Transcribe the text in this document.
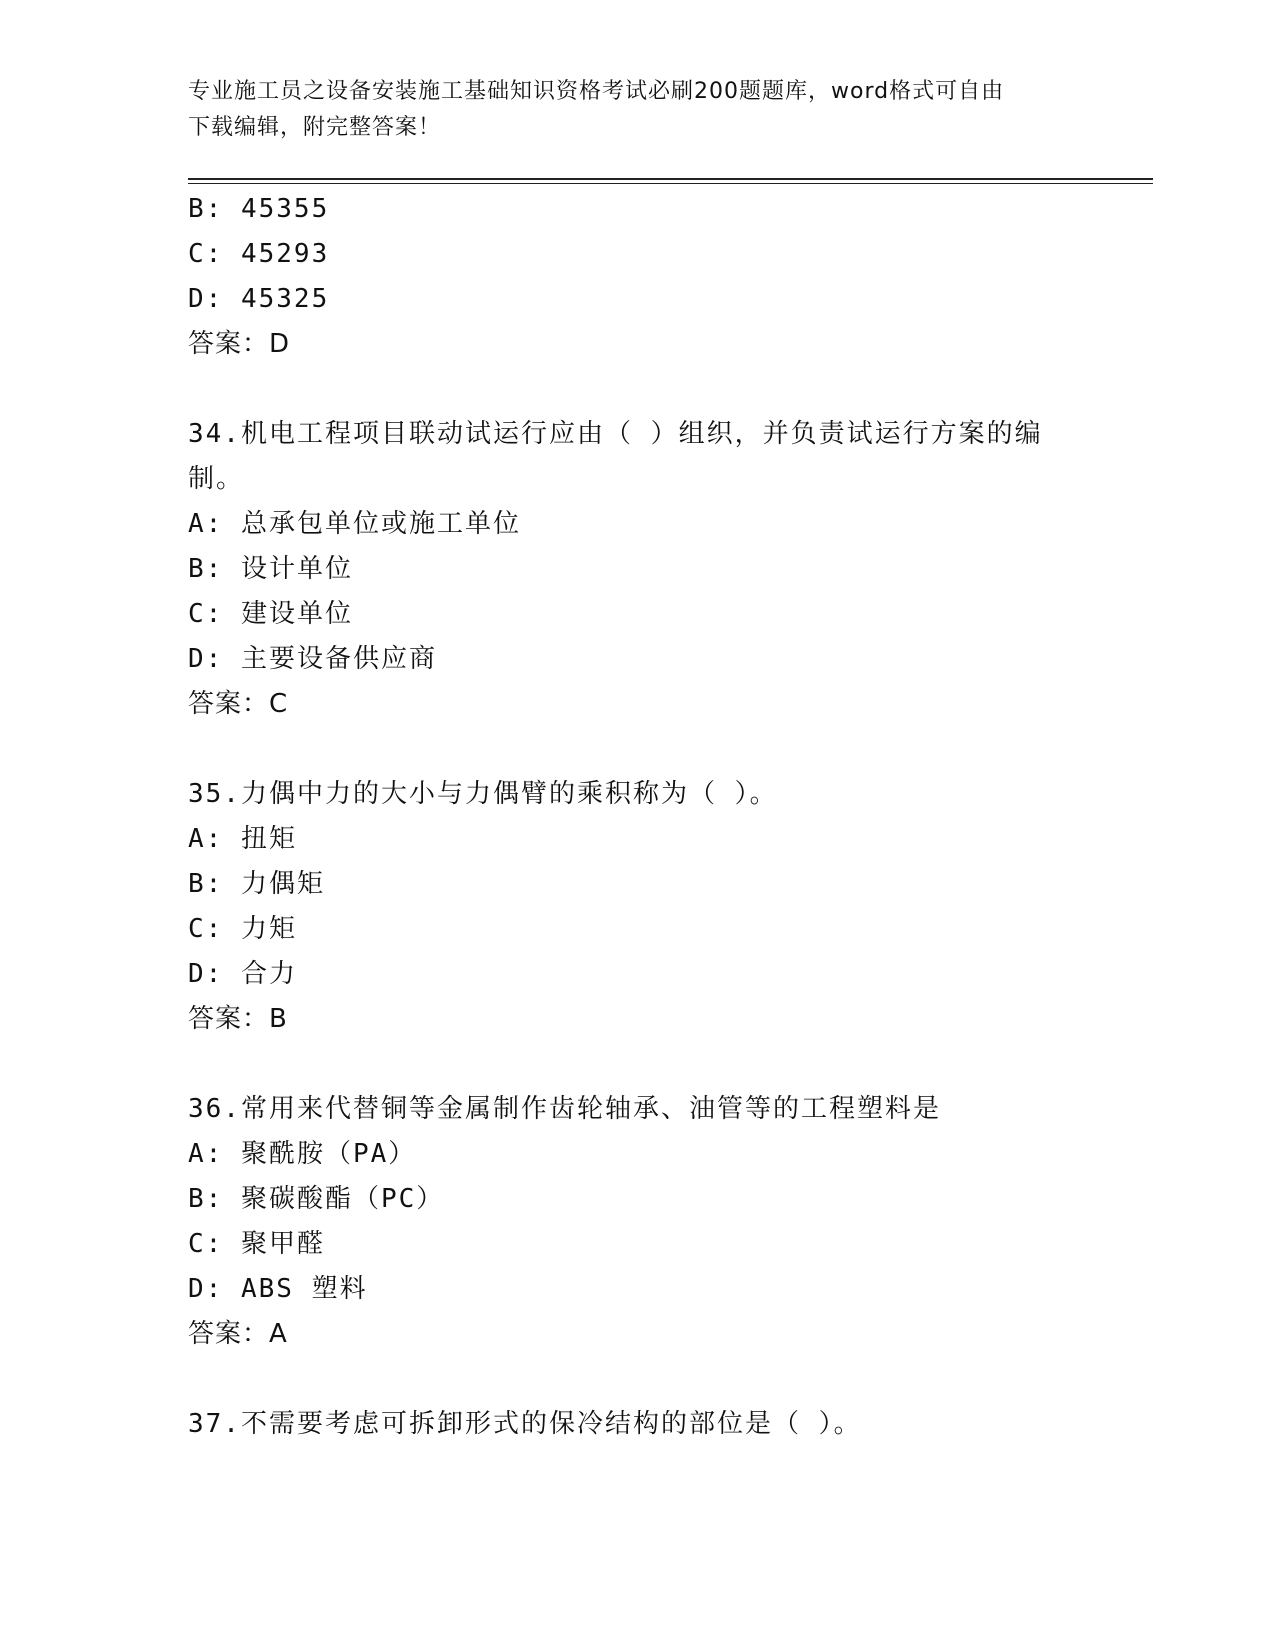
专业施工员之设备安装施工基础知识资格考试必刷200题题库，word格式可自由
下载编辑，附完整答案！
B: 45355
C: 45293
D: 45325
答案：D
34.机电工程项目联动试运行应由（ ）组织，并负责试运行方案的编
制。
A: 总承包单位或施工单位
B: 设计单位
C: 建设单位
D: 主要设备供应商
答案：C
35.力偶中力的大小与力偶臂的乘积称为（ ）。
A: 扭矩
B: 力偶矩
C: 力矩
D: 合力
答案：B
36.常用来代替铜等金属制作齿轮轴承、油管等的工程塑料是
A: 聚酰胺（PA）
B: 聚碳酸酯（PC）
C: 聚甲醛
D: ABS 塑料
答案：A
37.不需要考虑可拆卸形式的保冷结构的部位是（ ）。
